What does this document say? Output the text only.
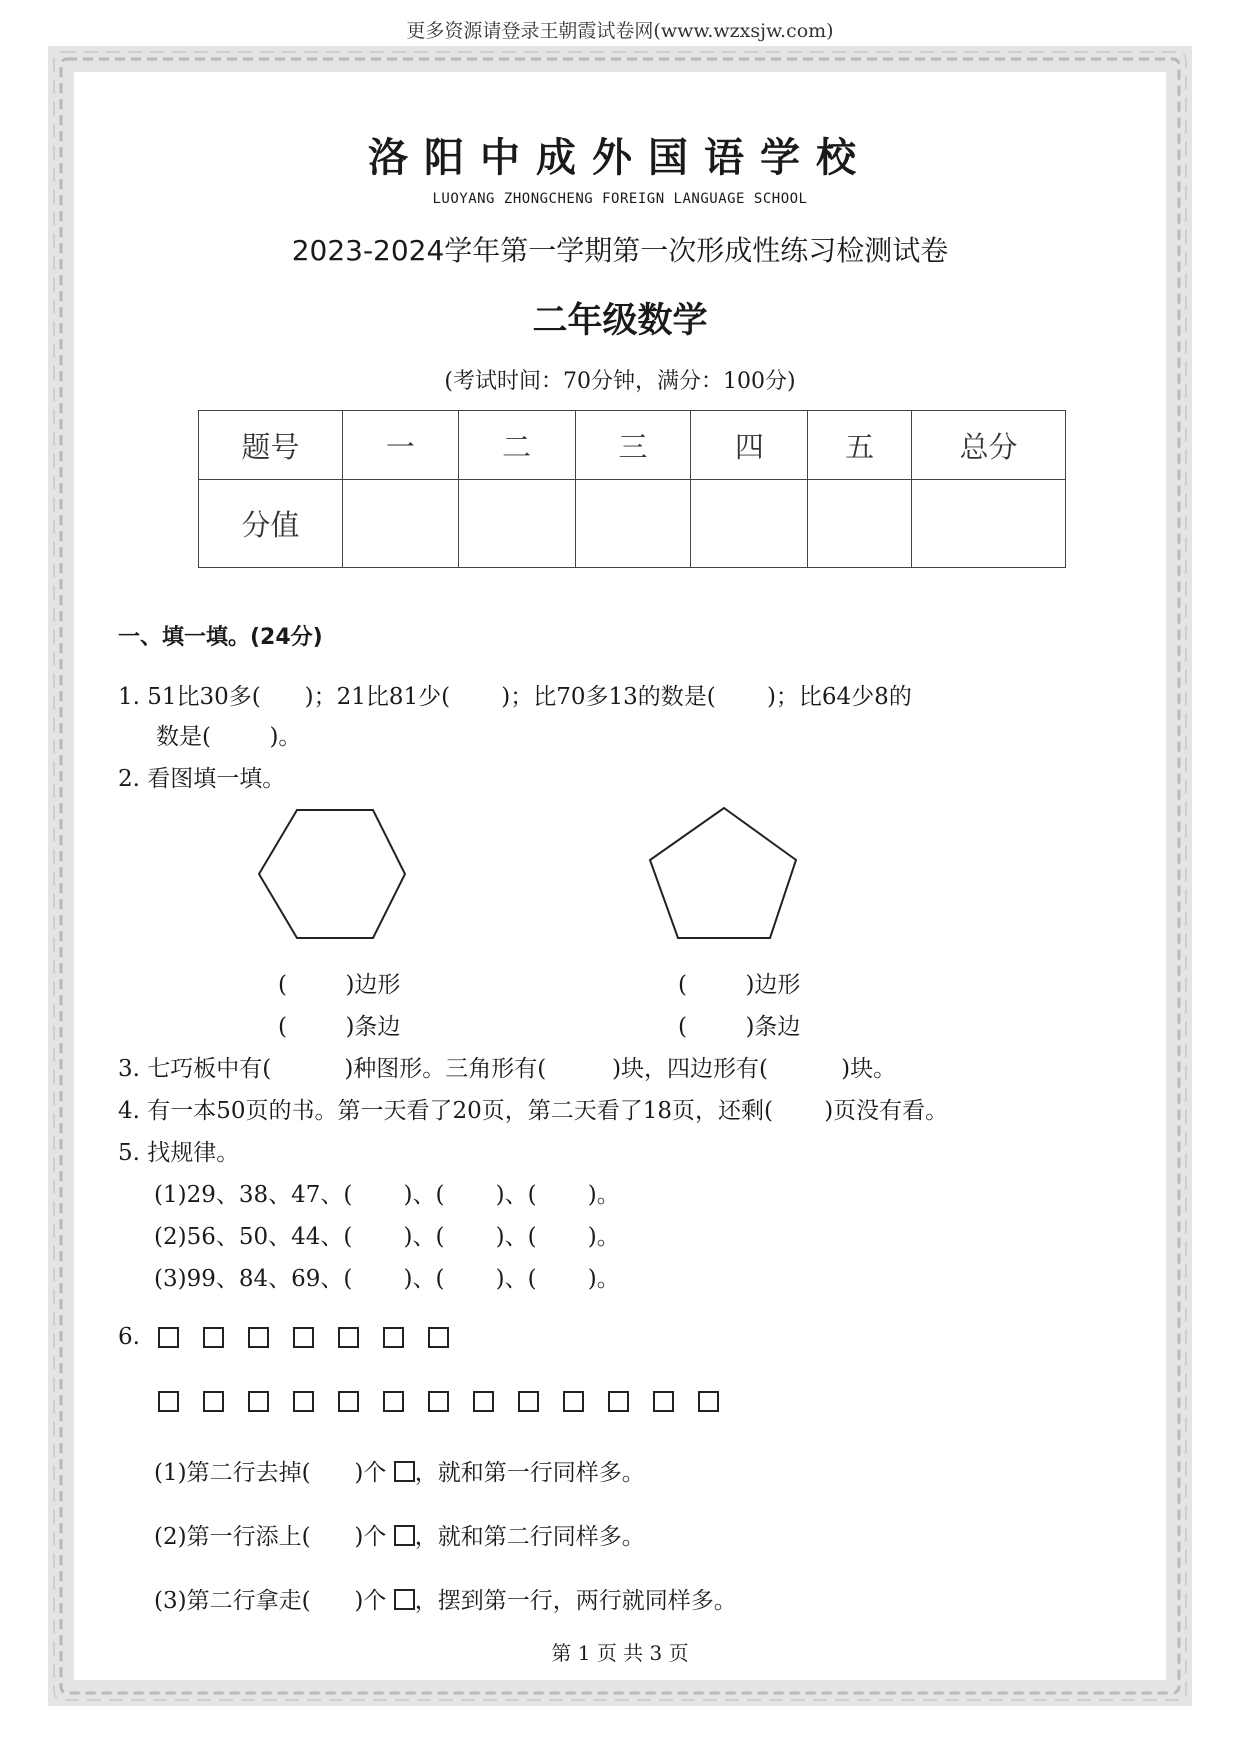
更多资源请登录王朝霞试卷网(www.wzxsjw.com)
洛阳中成外国语学校
LUOYANG ZHONGCHENG FOREIGN LANGUAGE SCHOOL
2023-2024学年第一学期第一次形成性练习检测试卷
二年级数学
(考试时间：70分钟，满分：100分)
题号	一	二	三	四	五	总分
分值						
一、填一填。(24分)
1. 51比30多(      )；21比81少(       )；比70多13的数是(       )；比64少8的
数是(        )。
2. 看图填一填。
(        )边形
(        )条边
(        )边形
(        )条边
3. 七巧板中有(          )种图形。三角形有(         )块，四边形有(          )块。
4. 有一本50页的书。第一天看了20页，第二天看了18页，还剩(       )页没有看。
5. 找规律。
(1)29、38、47、(       )、(       )、(       )。
(2)56、50、44、(       )、(       )、(       )。
(3)99、84、69、(       )、(       )、(       )。
6.
(1)第二行去掉(      )个 ，就和第一行同样多。
(2)第一行添上(      )个 ，就和第二行同样多。
(3)第二行拿走(      )个 ，摆到第一行，两行就同样多。
第 1 页 共 3 页
